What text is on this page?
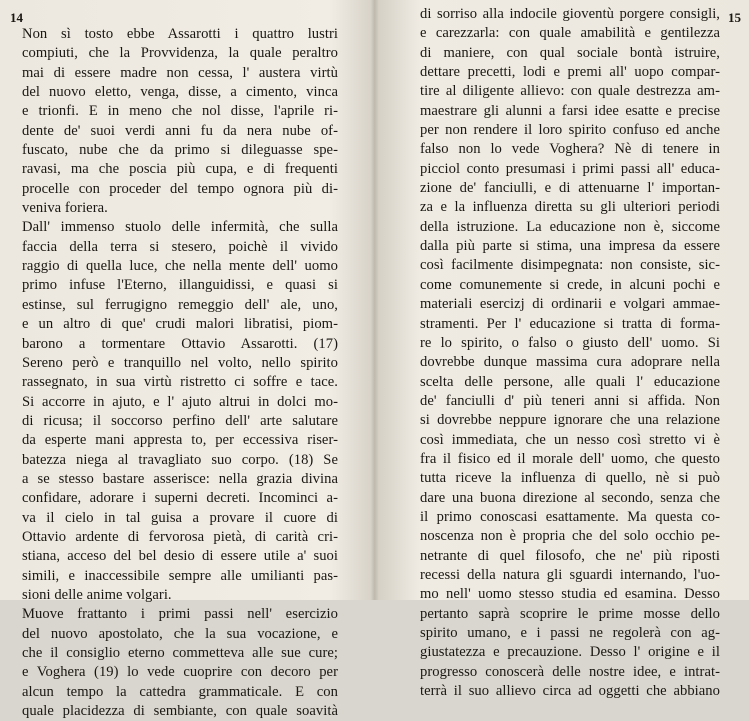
14
Non sì tosto ebbe Assarotti i quattro lustri
compiuti, che la Provvidenza, la quale peraltro
mai di essere madre non cessa, l' austera virtù
del nuovo eletto, venga, disse, a cimento, vinca
e trionfi. E in meno che nol disse, l'aprile ri-
dente de' suoi verdi anni fu da nera nube of-
fuscato, nube che da primo si dileguasse spe-
ravasi, ma che poscia più cupa, e di frequenti
procelle con proceder del tempo ognora più di-
veniva foriera.
Dall' immenso stuolo delle infermità, che sulla
faccia della terra si stesero, poichè il vivido
raggio di quella luce, che nella mente dell' uomo
primo infuse l'Eterno, illanguidissi, e quasi si
estinse, sul ferrugigno remeggio dell' ale, uno,
e un altro di que' crudi malori libratisi, piom-
barono a tormentare Ottavio Assarotti. (17)
Sereno però e tranquillo nel volto, nello spirito
rassegnato, in sua virtù ristretto ci soffre e tace.
Si accorre in ajuto, e l' ajuto altrui in dolci mo-
di ricusa; il soccorso perfino dell' arte salutare
da esperte mani appresta to, per eccessiva riser-
batezza niega al travagliato suo corpo. (18) Se
a se stesso bastare asserisce: nella grazia divina
confidare, adorare i superni decreti. Incominci a-
va il cielo in tal guisa a provare il cuore di
Ottavio ardente di fervorosa pietà, di carità cri-
stiana, acceso del bel desio di essere utile a' suoi
simili, e inaccessibile sempre alle umilianti pas-
sioni delle anime volgari.
Muove frattanto i primi passi nell' esercizio
del nuovo apostolato, che la sua vocazione, e
che il consiglio eterno commetteva alle sue cure;
e Voghera (19) lo vede cuoprire con decoro per
alcun tempo la cattedra grammaticale. E con
quale placidezza di sembiante, con quale soavità
15
di sorriso alla indocile gioventù porgere consigli,
e carezzarla: con quale amabilità e gentilezza
di maniere, con qual sociale bontà istruire,
dettare precetti, lodi e premi all' uopo compar-
tire al diligente allievo: con quale destrezza am-
maestrare gli alunni a farsi idee esatte e precise
per non rendere il loro spirito confuso ed anche
falso non lo vede Voghera? Nè di tenere in
picciol conto presumasi i primi passi all' educa-
zione de' fanciulli, e di attenuarne l' importan-
za e la influenza diretta su gli ulteriori periodi
della istruzione. La educazione non è, siccome
dalla più parte si stima, una impresa da essere
così facilmente disimpegnata: non consiste, sic-
come comunemente si crede, in alcuni pochi e
materiali esercizj di ordinarii e volgari ammae-
stramenti. Per l' educazione si tratta di forma-
re lo spirito, o falso o giusto dell' uomo. Si
dovrebbe dunque massima cura adoprare nella
scelta delle persone, alle quali l' educazione
de' fanciulli d' più teneri anni si affida. Non
si dovrebbe neppure ignorare che una relazione
così immediata, che un nesso così stretto vi è
fra il fisico ed il morale dell' uomo, che questo
tutta riceve la influenza di quello, nè si può
dare una buona direzione al secondo, senza che
il primo conoscasi esattamente. Ma questa co-
noscenza non è propria che del solo occhio pe-
netrante di quel filosofo, che ne' più riposti
recessi della natura gli sguardi internando, l'uo-
mo nell' uomo stesso studia ed esamina. Desso
pertanto saprà scoprire le prime mosse dello
spirito umano, e i passi ne regolerà con ag-
giustatezza e precauzione. Desso l' origine e il
progresso conoscerà delle nostre idee, e intrat-
terrà il suo allievo circa ad oggetti che abbiano
